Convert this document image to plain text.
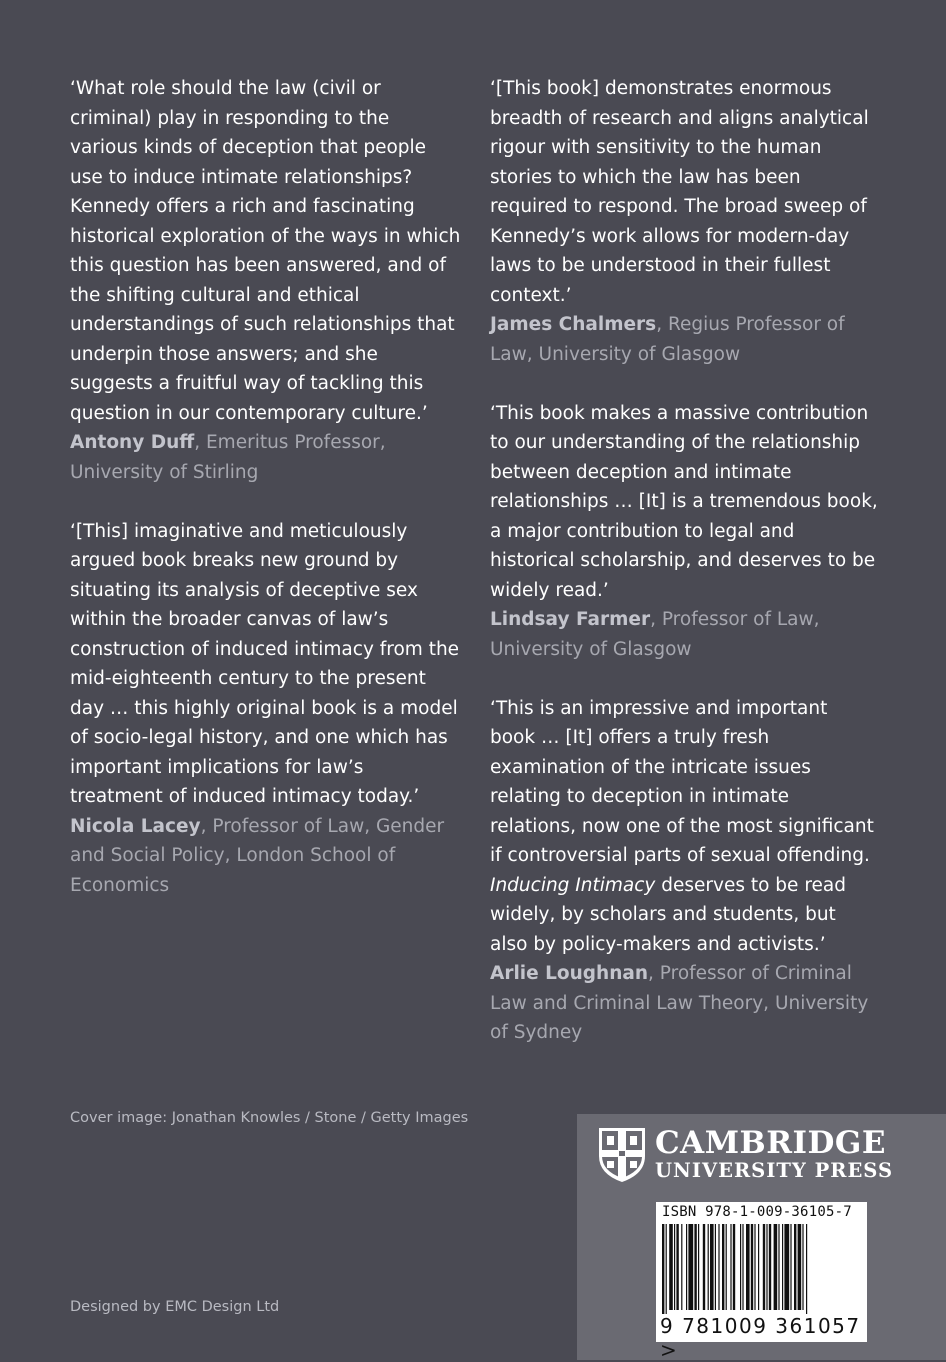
‘What role should the law (civil or criminal) play in responding to the various kinds of deception that people use to induce intimate relationships? Kennedy offers a rich and fascinating historical exploration of the ways in which this question has been answered, and of the shifting cultural and ethical understandings of such relationships that underpin those answers; and she suggests a fruitful way of tackling this question in our contemporary culture.’
Antony Duff, Emeritus Professor, University of Stirling
‘[This] imaginative and meticulously argued book breaks new ground by situating its analysis of deceptive sex within the broader canvas of law’s construction of induced intimacy from the mid-eighteenth century to the present day … this highly original book is a model of socio-legal history, and one which has important implications for law’s treatment of induced intimacy today.’
Nicola Lacey, Professor of Law, Gender and Social Policy, London School of Economics
‘[This book] demonstrates enormous breadth of research and aligns analytical rigour with sensitivity to the human stories to which the law has been required to respond. The broad sweep of Kennedy’s work allows for modern-day laws to be understood in their fullest context.’
James Chalmers, Regius Professor of Law, University of Glasgow
‘This book makes a massive contribution to our understanding of the relationship between deception and intimate relationships … [It] is a tremendous book, a major contribution to legal and historical scholarship, and deserves to be widely read.’
Lindsay Farmer, Professor of Law, University of Glasgow
‘This is an impressive and important book … [It] offers a truly fresh examination of the intricate issues relating to deception in intimate relations, now one of the most significant if controversial parts of sexual offending. Inducing Intimacy deserves to be read widely, by scholars and students, but also by policy-makers and activists.’
Arlie Loughnan, Professor of Criminal Law and Criminal Law Theory, University of Sydney
Cover image: Jonathan Knowles / Stone / Getty Images
Designed by EMC Design Ltd
CAMBRIDGE
UNIVERSITY PRESS
ISBN 978-1-009-36105-7
9 781009 361057 >
